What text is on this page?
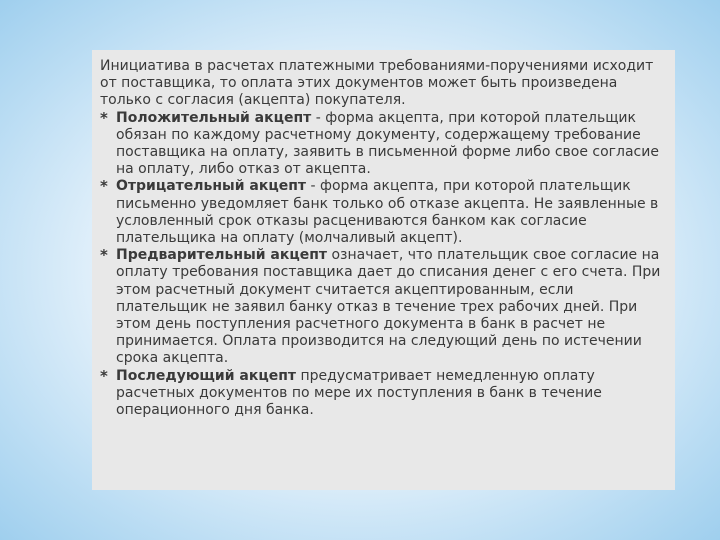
Инициатива в расчетах платежными требованиями-поручениями исходит от поставщика, то оплата этих документов может быть произведена только с согласия (акцепта) покупателя.

* Положительный акцепт - форма акцепта, при которой плательщик обязан по каждому расчетному документу, содержащему требование поставщика на оплату, заявить в письменной форме либо свое согласие на оплату, либо отказ от акцепта.

* Отрицательный акцепт - форма акцепта, при которой плательщик письменно уведомляет банк только об отказе акцепта. Не заявленные в условленный срок отказы расцениваются банком как согласие плательщика на оплату (молчаливый акцепт).

* Предварительный акцепт означает, что плательщик свое согласие на оплату требования поставщика дает до списания денег с его счета. При этом расчетный документ считается акцептированным, если плательщик не заявил банку отказ в течение трех рабочих дней. При этом день поступления расчетного документа в банк в расчет не принимается. Оплата производится на следующий день по истечении срока акцепта.

* Последующий акцепт предусматривает немедленную оплату расчетных документов по мере их поступления в банк в течение операционного дня банка.
